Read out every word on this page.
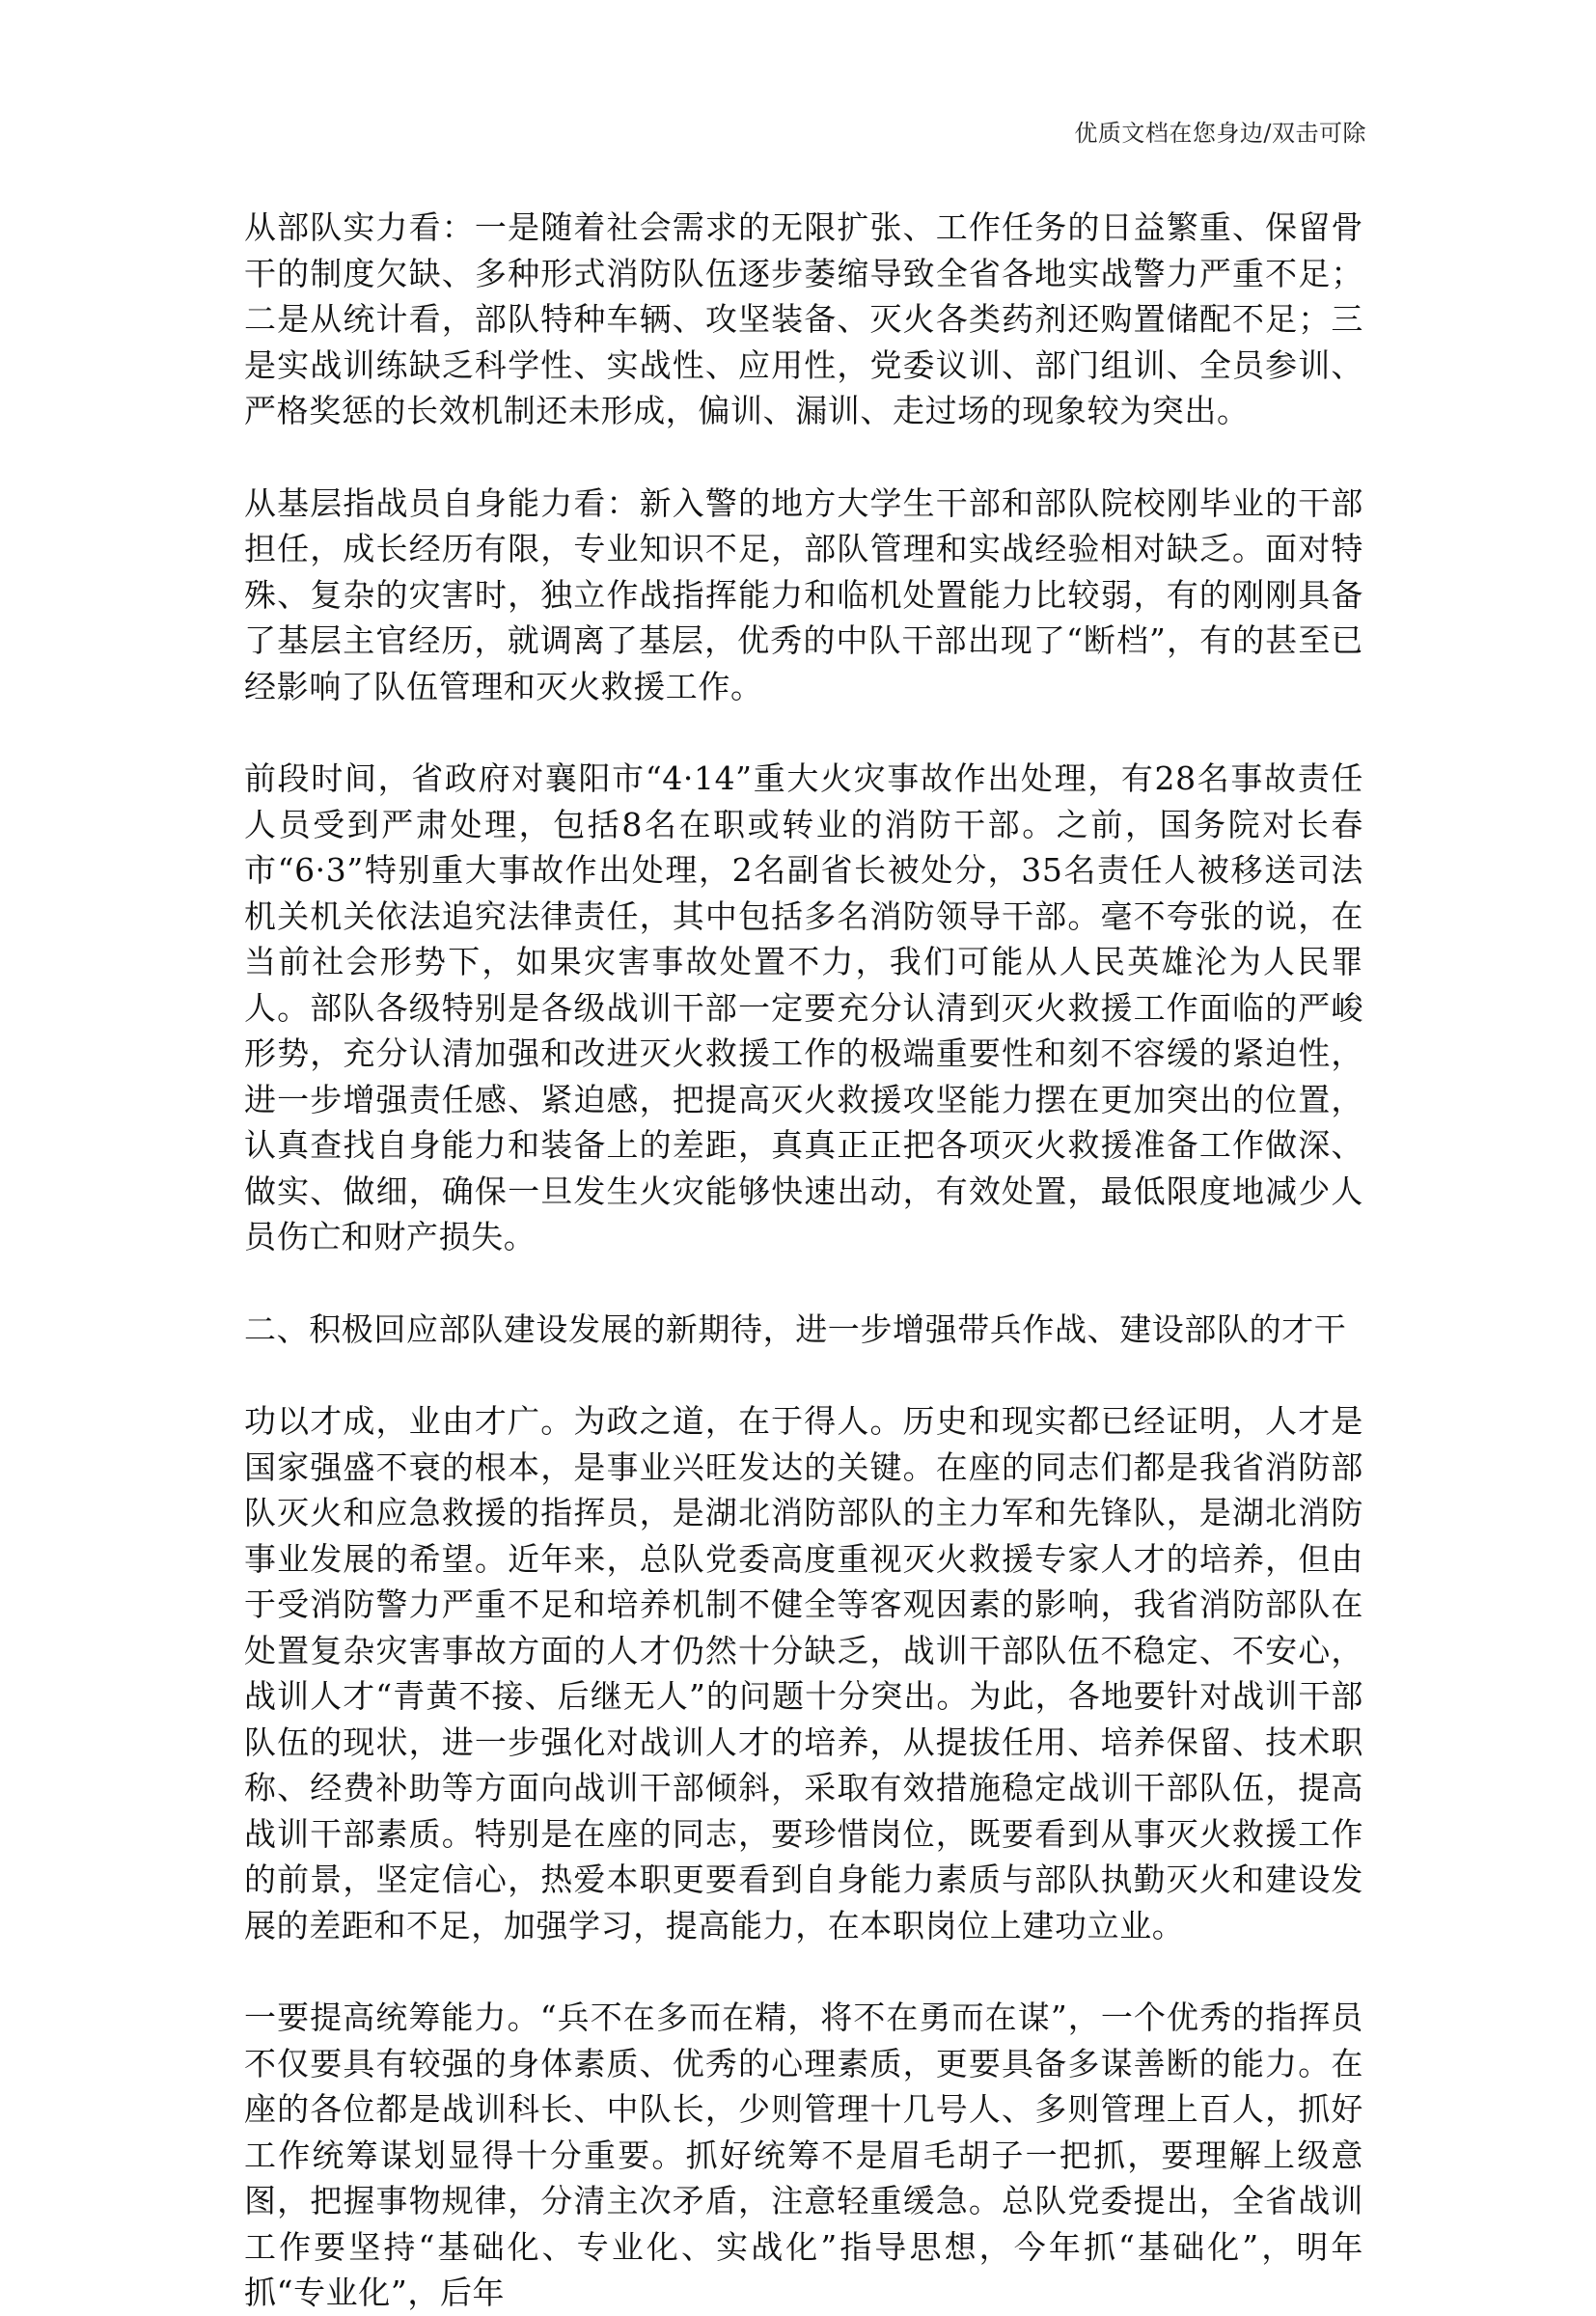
优质文档在您身边/双击可除

从部队实力看：一是随着社会需求的无限扩张、工作任务的日益繁重、保留骨干的制度欠缺、多种形式消防队伍逐步萎缩导致全省各地实战警力严重不足；二是从统计看，部队特种车辆、攻坚装备、灭火各类药剂还购置储配不足；三是实战训练缺乏科学性、实战性、应用性，党委议训、部门组训、全员参训、严格奖惩的长效机制还未形成，偏训、漏训、走过场的现象较为突出。

从基层指战员自身能力看：新入警的地方大学生干部和部队院校刚毕业的干部担任，成长经历有限，专业知识不足，部队管理和实战经验相对缺乏。面对特殊、复杂的灾害时，独立作战指挥能力和临机处置能力比较弱，有的刚刚具备了基层主官经历，就调离了基层，优秀的中队干部出现了“断档”，有的甚至已经影响了队伍管理和灭火救援工作。

前段时间，省政府对襄阳市“4·14”重大火灾事故作出处理，有28名事故责任人员受到严肃处理，包括8名在职或转业的消防干部。之前，国务院对长春市“6·3”特别重大事故作出处理，2名副省长被处分，35名责任人被移送司法机关机关依法追究法律责任，其中包括多名消防领导干部。毫不夸张的说，在当前社会形势下，如果灾害事故处置不力，我们可能从人民英雄沦为人民罪人。部队各级特别是各级战训干部一定要充分认清到灭火救援工作面临的严峻形势，充分认清加强和改进灭火救援工作的极端重要性和刻不容缓的紧迫性，进一步增强责任感、紧迫感，把提高灭火救援攻坚能力摆在更加突出的位置，认真查找自身能力和装备上的差距，真真正正把各项灭火救援准备工作做深、做实、做细，确保一旦发生火灾能够快速出动，有效处置，最低限度地减少人员伤亡和财产损失。

二、积极回应部队建设发展的新期待，进一步增强带兵作战、建设部队的才干

功以才成，业由才广。为政之道，在于得人。历史和现实都已经证明，人才是国家强盛不衰的根本，是事业兴旺发达的关键。在座的同志们都是我省消防部队灭火和应急救援的指挥员，是湖北消防部队的主力军和先锋队，是湖北消防事业发展的希望。近年来，总队党委高度重视灭火救援专家人才的培养，但由于受消防警力严重不足和培养机制不健全等客观因素的影响，我省消防部队在处置复杂灾害事故方面的人才仍然十分缺乏，战训干部队伍不稳定、不安心，战训人才“青黄不接、后继无人”的问题十分突出。为此，各地要针对战训干部队伍的现状，进一步强化对战训人才的培养，从提拔任用、培养保留、技术职称、经费补助等方面向战训干部倾斜，采取有效措施稳定战训干部队伍，提高战训干部素质。特别是在座的同志，要珍惜岗位，既要看到从事灭火救援工作的前景，坚定信心，热爱本职更要看到自身能力素质与部队执勤灭火和建设发展的差距和不足，加强学习，提高能力，在本职岗位上建功立业。

一要提高统筹能力。“兵不在多而在精，将不在勇而在谋”，一个优秀的指挥员不仅要具有较强的身体素质、优秀的心理素质，更要具备多谋善断的能力。在座的各位都是战训科长、中队长，少则管理十几号人、多则管理上百人，抓好工作统筹谋划显得十分重要。抓好统筹不是眉毛胡子一把抓，要理解上级意图，把握事物规律，分清主次矛盾，注意轻重缓急。总队党委提出，全省战训工作要坚持“基础化、专业化、实战化”指导思想，今年抓“基础化”，明年抓“专业化”，后年
